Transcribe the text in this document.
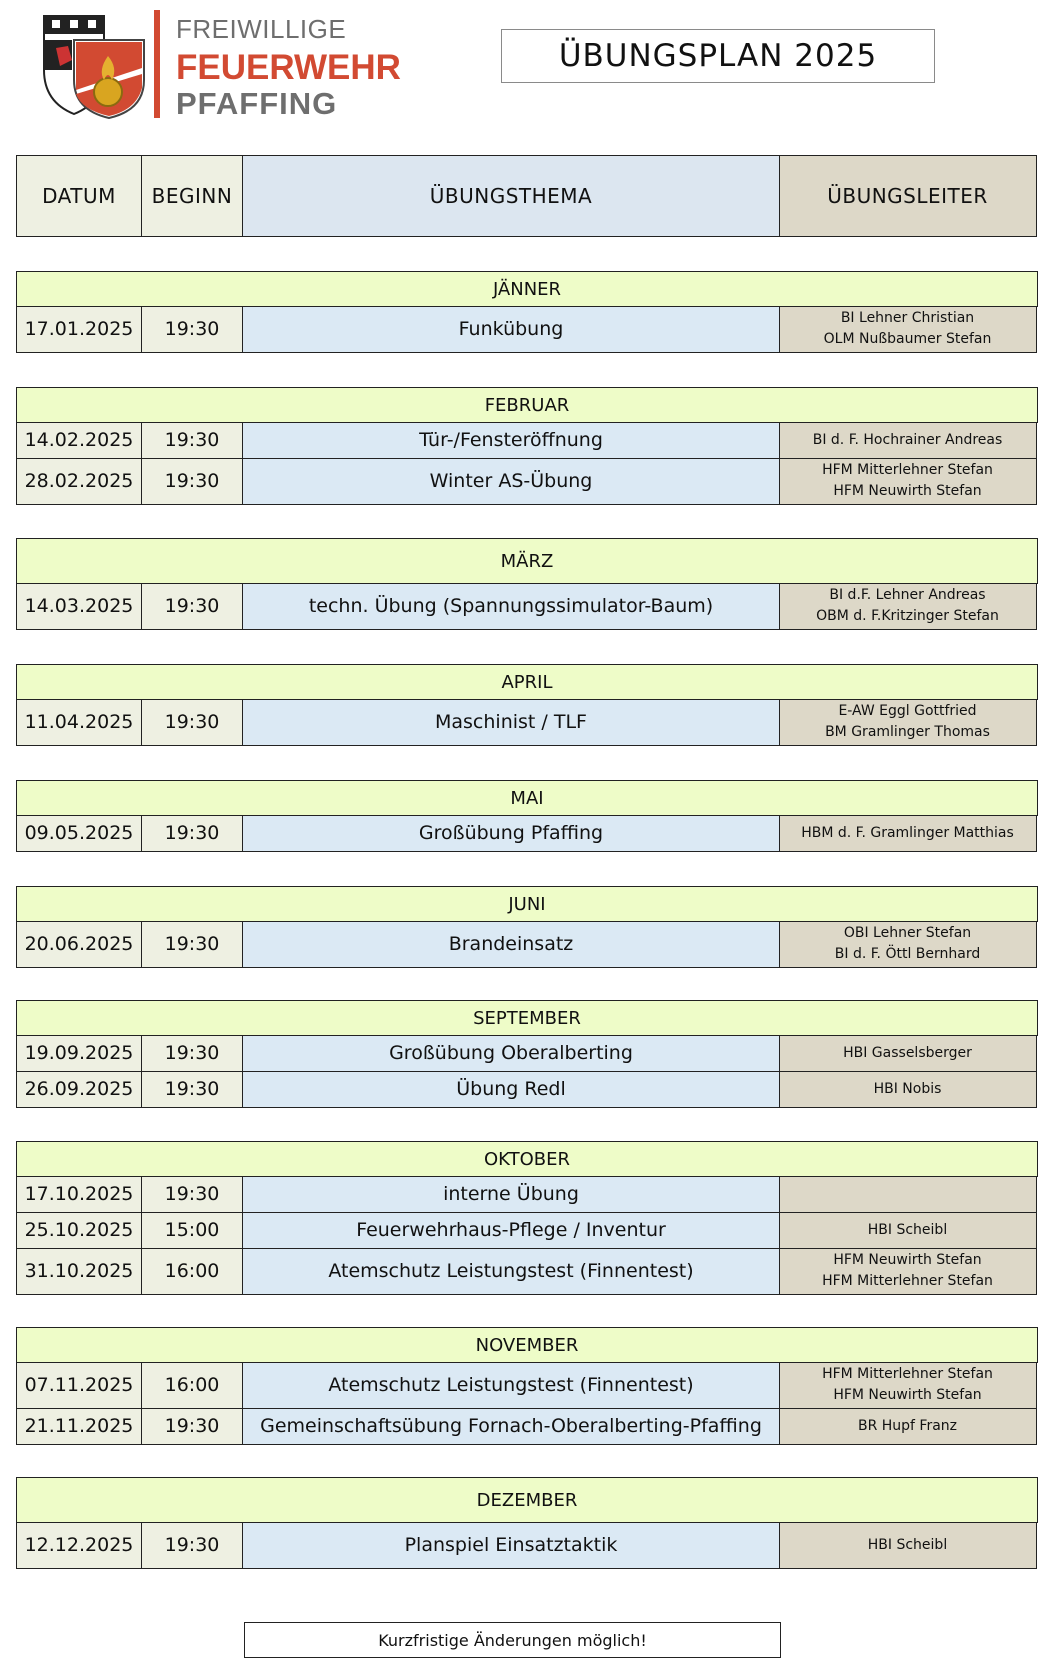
FREIWILLIGE
FEUERWEHR
PFAFFING
ÜBUNGSPLAN 2025
DATUM	BEGINN	ÜBUNGSTHEMA	ÜBUNGSLEITER
JÄNNER
17.01.2025	19:30	Funkübung	BI Lehner Christian
OLM Nußbaumer Stefan
FEBRUAR
14.02.2025	19:30	Tür-/Fensteröffnung	BI d. F. Hochrainer Andreas
28.02.2025	19:30	Winter AS-Übung	HFM Mitterlehner Stefan
HFM Neuwirth Stefan
MÄRZ
14.03.2025	19:30	techn. Übung (Spannungssimulator-Baum)	BI d.F. Lehner Andreas
OBM d. F.Kritzinger Stefan
APRIL
11.04.2025	19:30	Maschinist / TLF	E-AW Eggl Gottfried
BM Gramlinger Thomas
MAI
09.05.2025	19:30	Großübung Pfaffing	HBM d. F. Gramlinger Matthias
JUNI
20.06.2025	19:30	Brandeinsatz	OBI Lehner Stefan
BI d. F. Öttl Bernhard
SEPTEMBER
19.09.2025	19:30	Großübung Oberalberting	HBI Gasselsberger
26.09.2025	19:30	Übung Redl	HBI Nobis
OKTOBER
17.10.2025	19:30	interne Übung
25.10.2025	15:00	Feuerwehrhaus-Pflege / Inventur	HBI Scheibl
31.10.2025	16:00	Atemschutz Leistungstest (Finnentest)	HFM Neuwirth Stefan
HFM Mitterlehner Stefan
NOVEMBER
07.11.2025	16:00	Atemschutz Leistungstest (Finnentest)	HFM Mitterlehner Stefan
HFM Neuwirth Stefan
21.11.2025	19:30	Gemeinschaftsübung Fornach-Oberalberting-Pfaffing	BR Hupf Franz
DEZEMBER
12.12.2025	19:30	Planspiel Einsatztaktik	HBI Scheibl
Kurzfristige Änderungen möglich!
